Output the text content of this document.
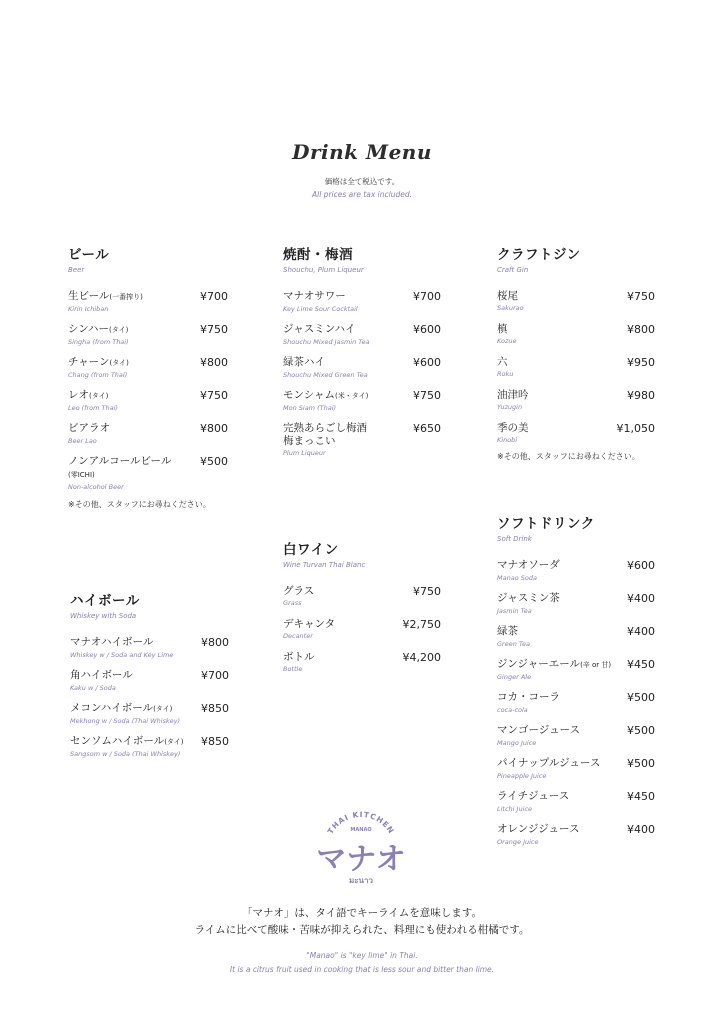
Drink Menu
価格は全て税込です。
All prices are tax included.
ビール
Beer
生ビール(一番搾り)
Kirin Ichiban
¥700
シンハー(タイ)
Singha (from Thai)
¥750
チャーン(タイ)
Chang (from Thai)
¥800
レオ(タイ)
Leo (from Thai)
¥750
ビアラオ
Beer Lao
¥800
ノンアルコールビール
(零ICHI)
Non-alcohol Beer
¥500
※その他、スタッフにお尋ねください。
焼酎・梅酒
Shouchu, Plum Liqueur
マナオサワー
Key Lime Sour Cocktail
¥700
ジャスミンハイ
Shouchu Mixed Jasmin Tea
¥600
緑茶ハイ
Shouchu Mixed Green Tea
¥600
モンシャム(米・タイ)
Mon Siam (Thai)
¥750
完熟あらごし梅酒
梅まっこい
Plum Liqueur
¥650
クラフトジン
Craft Gin
桜尾
Sakurao
¥750
槙
Kozue
¥800
六
Roku
¥950
油津吟
Yuzugin
¥980
季の美
Kinobi
¥1,050
※その他、スタッフにお尋ねください。
ハイボール
Whiskey with Soda
マナオハイボール
Whiskey w / Soda and Key Lime
¥800
角ハイボール
Kaku w / Soda
¥700
メコンハイボール(タイ)
Mekhong w / Soda (Thai Whiskey)
¥850
センソムハイボール(タイ)
Sangsom w / Soda (Thai Whiskey)
¥850
白ワイン
Wine Turvan Thai Blanc
グラス
Grass
¥750
デキャンタ
Decanter
¥2,750
ボトル
Bottle
¥4,200
ソフトドリンク
Soft Drink
マナオソーダ
Manao Soda
¥600
ジャスミン茶
Jasmin Tea
¥400
緑茶
Green Tea
¥400
ジンジャーエール(辛 or 甘)
Ginger Ale
¥450
コカ・コーラ
coca-cola
¥500
マンゴージュース
Mango Juice
¥500
パイナップルジュース
Pineapple Juice
¥500
ライチジュース
Litchi Juice
¥450
オレンジジュース
Orange Juice
¥400
THAI KITCHEN
MANAO
マナオ
มะนาว
「マナオ」は、タイ語でキーライムを意味します。
ライムに比べて酸味・苦味が抑えられた、料理にも使われる柑橘です。
"Manao" is "key lime" in Thai.
It is a citrus fruit used in cooking that is less sour and bitter than lime.
